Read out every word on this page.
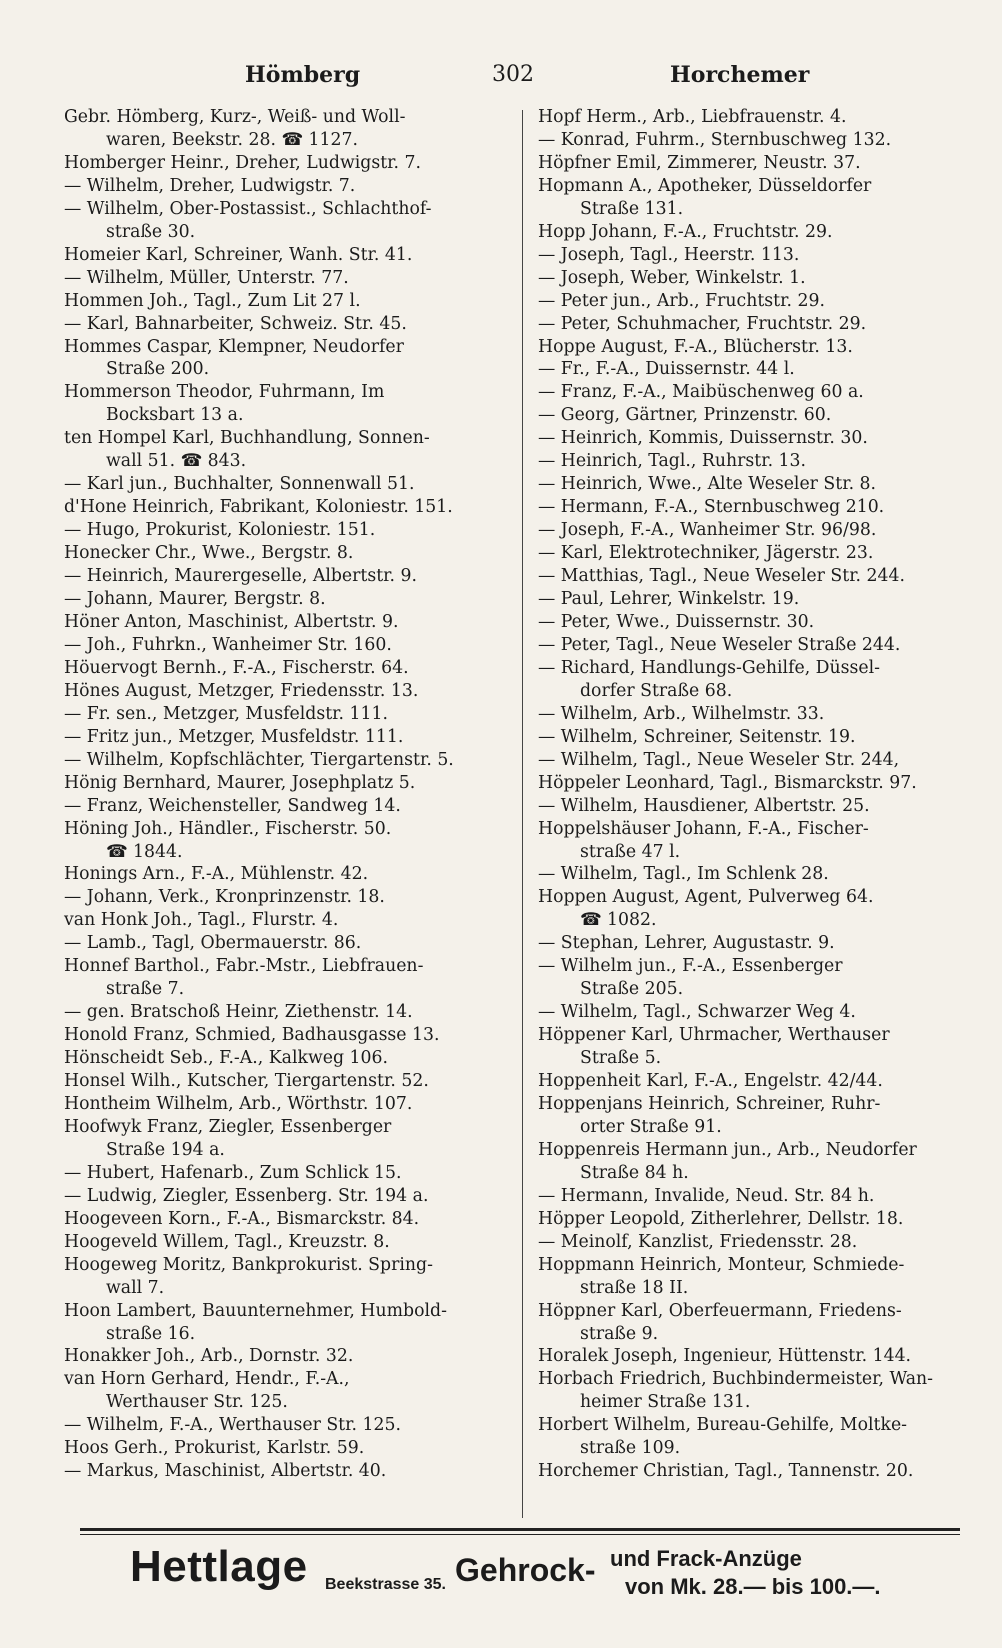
Hömberg	302	Horchemer
Gebr. Hömberg, Kurz-, Weiß- und Woll-
waren, Beekstr. 28. ☎ 1127.
Homberger Heinr., Dreher, Ludwigstr. 7.
— Wilhelm, Dreher, Ludwigstr. 7.
— Wilhelm, Ober-Postassist., Schlachthof-
straße 30.
Homeier Karl, Schreiner, Wanh. Str. 41.
— Wilhelm, Müller, Unterstr. 77.
Hommen Joh., Tagl., Zum Lit 27 l.
— Karl, Bahnarbeiter, Schweiz. Str. 45.
Hommes Caspar, Klempner, Neudorfer
Straße 200.
Hommerson Theodor, Fuhrmann, Im
Bocksbart 13 a.
ten Hompel Karl, Buchhandlung, Sonnen-
wall 51. ☎ 843.
— Karl jun., Buchhalter, Sonnenwall 51.
d'Hone Heinrich, Fabrikant, Koloniestr. 151.
— Hugo, Prokurist, Koloniestr. 151.
Honecker Chr., Wwe., Bergstr. 8.
— Heinrich, Maurergeselle, Albertstr. 9.
— Johann, Maurer, Bergstr. 8.
Höner Anton, Maschinist, Albertstr. 9.
— Joh., Fuhrkn., Wanheimer Str. 160.
Höuervogt Bernh., F.-A., Fischerstr. 64.
Hönes August, Metzger, Friedensstr. 13.
— Fr. sen., Metzger, Musfeldstr. 111.
— Fritz jun., Metzger, Musfeldstr. 111.
— Wilhelm, Kopfschlächter, Tiergartenstr. 5.
Hönig Bernhard, Maurer, Josephplatz 5.
— Franz, Weichensteller, Sandweg 14.
Höning Joh., Händler., Fischerstr. 50.
☎ 1844.
Honings Arn., F.-A., Mühlenstr. 42.
— Johann, Verk., Kronprinzenstr. 18.
van Honk Joh., Tagl., Flurstr. 4.
— Lamb., Tagl, Obermauerstr. 86.
Honnef Barthol., Fabr.-Mstr., Liebfrauen-
straße 7.
— gen. Bratschoß Heinr, Ziethenstr. 14.
Honold Franz, Schmied, Badhausgasse 13.
Hönscheidt Seb., F.-A., Kalkweg 106.
Honsel Wilh., Kutscher, Tiergartenstr. 52.
Hontheim Wilhelm, Arb., Wörthstr. 107.
Hoofwyk Franz, Ziegler, Essenberger
Straße 194 a.
— Hubert, Hafenarb., Zum Schlick 15.
— Ludwig, Ziegler, Essenberg. Str. 194 a.
Hoogeveen Korn., F.-A., Bismarckstr. 84.
Hoogeveld Willem, Tagl., Kreuzstr. 8.
Hoogeweg Moritz, Bankprokurist. Spring-
wall 7.
Hoon Lambert, Bauunternehmer, Humbold-
straße 16.
Honakker Joh., Arb., Dornstr. 32.
van Horn Gerhard, Hendr., F.-A.,
Werthauser Str. 125.
— Wilhelm, F.-A., Werthauser Str. 125.
Hoos Gerh., Prokurist, Karlstr. 59.
— Markus, Maschinist, Albertstr. 40.
Hopf Herm., Arb., Liebfrauenstr. 4.
— Konrad, Fuhrm., Sternbuschweg 132.
Höpfner Emil, Zimmerer, Neustr. 37.
Hopmann A., Apotheker, Düsseldorfer
Straße 131.
Hopp Johann, F.-A., Fruchtstr. 29.
— Joseph, Tagl., Heerstr. 113.
— Joseph, Weber, Winkelstr. 1.
— Peter jun., Arb., Fruchtstr. 29.
— Peter, Schuhmacher, Fruchtstr. 29.
Hoppe August, F.-A., Blücherstr. 13.
— Fr., F.-A., Duissernstr. 44 l.
— Franz, F.-A., Maibüschenweg 60 a.
— Georg, Gärtner, Prinzenstr. 60.
— Heinrich, Kommis, Duissernstr. 30.
— Heinrich, Tagl., Ruhrstr. 13.
— Heinrich, Wwe., Alte Weseler Str. 8.
— Hermann, F.-A., Sternbuschweg 210.
— Joseph, F.-A., Wanheimer Str. 96/98.
— Karl, Elektrotechniker, Jägerstr. 23.
— Matthias, Tagl., Neue Weseler Str. 244.
— Paul, Lehrer, Winkelstr. 19.
— Peter, Wwe., Duissernstr. 30.
— Peter, Tagl., Neue Weseler Straße 244.
— Richard, Handlungs-Gehilfe, Düssel-
dorfer Straße 68.
— Wilhelm, Arb., Wilhelmstr. 33.
— Wilhelm, Schreiner, Seitenstr. 19.
— Wilhelm, Tagl., Neue Weseler Str. 244,
Höppeler Leonhard, Tagl., Bismarckstr. 97.
— Wilhelm, Hausdiener, Albertstr. 25.
Hoppelshäuser Johann, F.-A., Fischer-
straße 47 l.
— Wilhelm, Tagl., Im Schlenk 28.
Hoppen August, Agent, Pulverweg 64.
☎ 1082.
— Stephan, Lehrer, Augustastr. 9.
— Wilhelm jun., F.-A., Essenberger
Straße 205.
— Wilhelm, Tagl., Schwarzer Weg 4.
Höppener Karl, Uhrmacher, Werthauser
Straße 5.
Hoppenheit Karl, F.-A., Engelstr. 42/44.
Hoppenjans Heinrich, Schreiner, Ruhr-
orter Straße 91.
Hoppenreis Hermann jun., Arb., Neudorfer
Straße 84 h.
— Hermann, Invalide, Neud. Str. 84 h.
Höpper Leopold, Zitherlehrer, Dellstr. 18.
— Meinolf, Kanzlist, Friedensstr. 28.
Hoppmann Heinrich, Monteur, Schmiede-
straße 18 II.
Höppner Karl, Oberfeuermann, Friedens-
straße 9.
Horalek Joseph, Ingenieur, Hüttenstr. 144.
Horbach Friedrich, Buchbindermeister, Wan-
heimer Straße 131.
Horbert Wilhelm, Bureau-Gehilfe, Moltke-
straße 109.
Horchemer Christian, Tagl., Tannenstr. 20.
Hettlage Beekstrasse 35. Gehrock- und Frack-Anzüge
von Mk. 28.— bis 100.—.
